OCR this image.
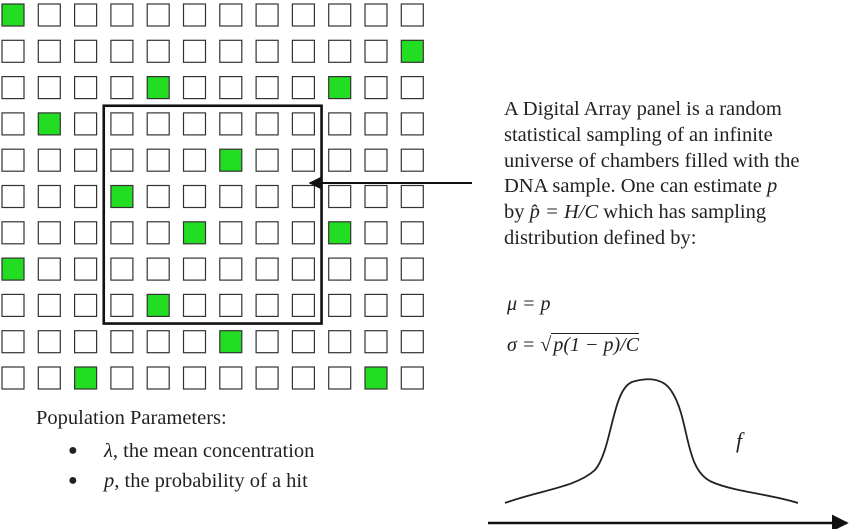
A Digital Array panel is a random
statistical sampling of an infinite
universe of chambers filled with the
DNA sample. One can estimate p
by p̂ = H/C which has sampling
distribution defined by:
μ = p
σ = √ p(1 − p)/C
Population Parameters:
● λ, the mean concentration
● p, the probability of a hit
f
